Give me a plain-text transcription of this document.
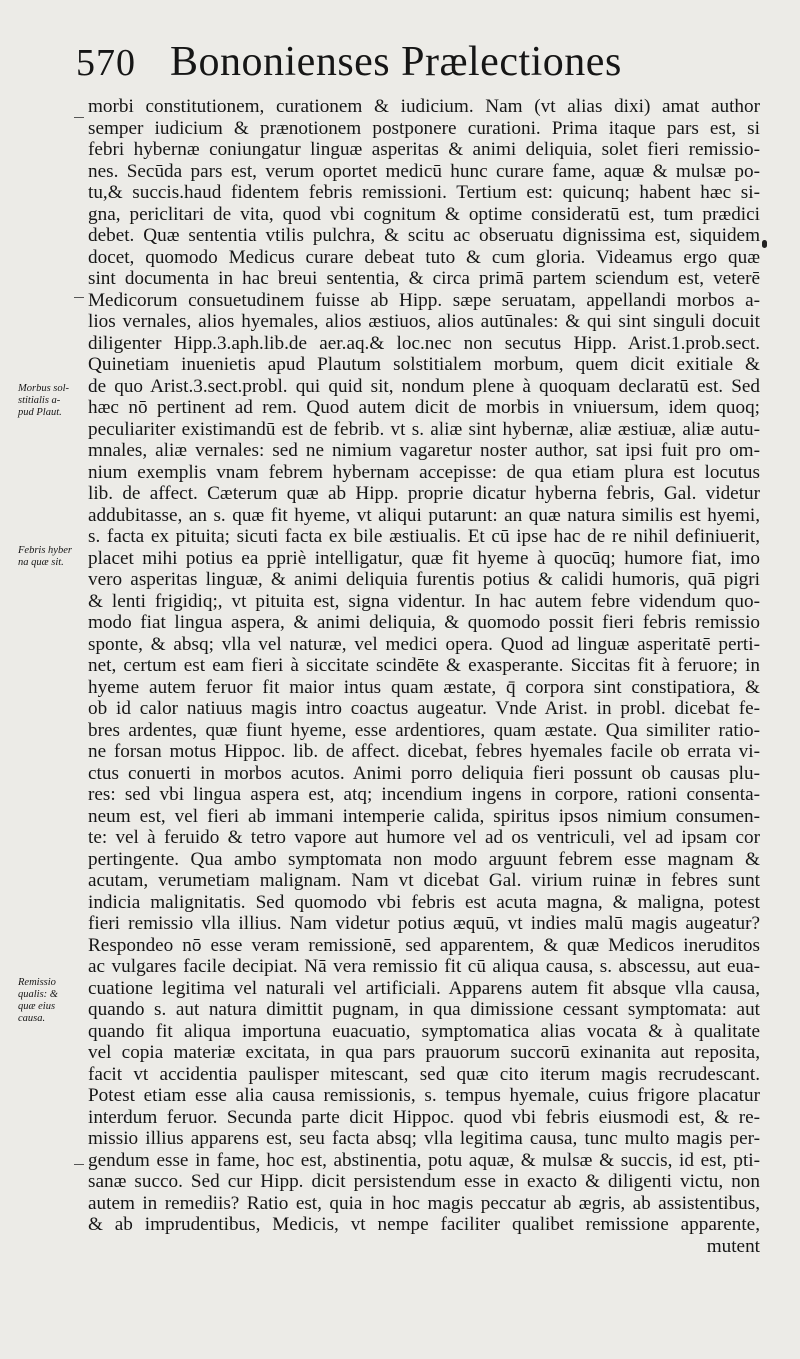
570 Bononienses Prælectiones
Morbus sol-
stitialis a-
pud Plaut.
Febris hyber
na quæ sit.
Remissio
qualis: &
quæ eius
causa.
morbi constitutionem, curationem & iudicium. Nam (vt alias dixi) amat author
semper iudicium & prænotionem postponere curationi. Prima itaque pars est, si
febri hybernæ coniungatur linguæ asperitas & animi deliquia, solet fieri remissio-
nes. Secūda pars est, verum oportet medicū hunc curare fame, aquæ & mulsæ po-
tu,& succis.haud fidentem febris remissioni. Tertium est: quicunq; habent hæc si-
gna, periclitari de vita, quod vbi cognitum & optime consideratū est, tum prædici
debet. Quæ sententia vtilis pulchra, & scitu ac obseruatu dignissima est, siquidem
docet, quomodo Medicus curare debeat tuto & cum gloria. Videamus ergo quæ
sint documenta in hac breui sententia, & circa primā partem sciendum est, veterē
Medicorum consuetudinem fuisse ab Hipp. sæpe seruatam, appellandi morbos a-
lios vernales, alios hyemales, alios æstiuos, alios autūnales: & qui sint singuli docuit
diligenter Hipp.3.aph.lib.de aer.aq.& loc.nec non secutus Hipp. Arist.1.prob.sect.
Quinetiam inuenietis apud Plautum solstitialem morbum, quem dicit exitiale &
de quo Arist.3.sect.probl. qui quid sit, nondum plene à quoquam declaratū est. Sed
hæc nō pertinent ad rem. Quod autem dicit de morbis in vniuersum, idem quoq;
peculiariter existimandū est de febrib. vt s. aliæ sint hybernæ, aliæ æstiuæ, aliæ autu-
mnales, aliæ vernales: sed ne nimium vagaretur noster author, sat ipsi fuit pro om-
nium exemplis vnam febrem hybernam accepisse: de qua etiam plura est locutus
lib. de affect. Cæterum quæ ab Hipp. proprie dicatur hyberna febris, Gal. videtur
addubitasse, an s. quæ fit hyeme, vt aliqui putarunt: an quæ natura similis est hyemi,
s. facta ex pituita; sicuti facta ex bile æstiualis. Et cū ipse hac de re nihil definiuerit,
placet mihi potius ea ppriè intelligatur, quæ fit hyeme à quocūq; humore fiat, imo
vero asperitas linguæ, & animi deliquia furentis potius & calidi humoris, quā pigri
& lenti frigidiq;, vt pituita est, signa videntur. In hac autem febre videndum quo-
modo fiat lingua aspera, & animi deliquia, & quomodo possit fieri febris remissio
sponte, & absq; vlla vel naturæ, vel medici opera. Quod ad linguæ asperitatē perti-
net, certum est eam fieri à siccitate scindēte & exasperante. Siccitas fit à feruore; in
hyeme autem feruor fit maior intus quam æstate, q̄ corpora sint constipatiora, &
ob id calor natiuus magis intro coactus augeatur. Vnde Arist. in probl. dicebat fe-
bres ardentes, quæ fiunt hyeme, esse ardentiores, quam æstate. Qua similiter ratio-
ne forsan motus Hippoc. lib. de affect. dicebat, febres hyemales facile ob errata vi-
ctus conuerti in morbos acutos. Animi porro deliquia fieri possunt ob causas plu-
res: sed vbi lingua aspera est, atq; incendium ingens in corpore, rationi consenta-
neum est, vel fieri ab immani intemperie calida, spiritus ipsos nimium consumen-
te: vel à feruido & tetro vapore aut humore vel ad os ventriculi, vel ad ipsam cor
pertingente. Qua ambo symptomata non modo arguunt febrem esse magnam &
acutam, verumetiam malignam. Nam vt dicebat Gal. virium ruinæ in febres sunt
indicia malignitatis. Sed quomodo vbi febris est acuta magna, & maligna, potest
fieri remissio vlla illius. Nam videtur potius æquū, vt indies malū magis augeatur?
Respondeo nō esse veram remissionē, sed apparentem, & quæ Medicos ineruditos
ac vulgares facile decipiat. Nā vera remissio fit cū aliqua causa, s. abscessu, aut eua-
cuatione legitima vel naturali vel artificiali. Apparens autem fit absque vlla causa,
quando s. aut natura dimittit pugnam, in qua dimissione cessant symptomata: aut
quando fit aliqua importuna euacuatio, symptomatica alias vocata & à qualitate
vel copia materiæ excitata, in qua pars prauorum succorū exinanita aut reposita,
facit vt accidentia paulisper mitescant, sed quæ cito iterum magis recrudescant.
Potest etiam esse alia causa remissionis, s. tempus hyemale, cuius frigore placatur
interdum feruor. Secunda parte dicit Hippoc. quod vbi febris eiusmodi est, & re-
missio illius apparens est, seu facta absq; vlla legitima causa, tunc multo magis per-
gendum esse in fame, hoc est, abstinentia, potu aquæ, & mulsæ & succis, id est, pti-
sanæ succo. Sed cur Hipp. dicit persistendum esse in exacto & diligenti victu, non
autem in remediis? Ratio est, quia in hoc magis peccatur ab ægris, ab assistentibus,
& ab imprudentibus, Medicis, vt nempe faciliter qualibet remissione apparente,
mutent
